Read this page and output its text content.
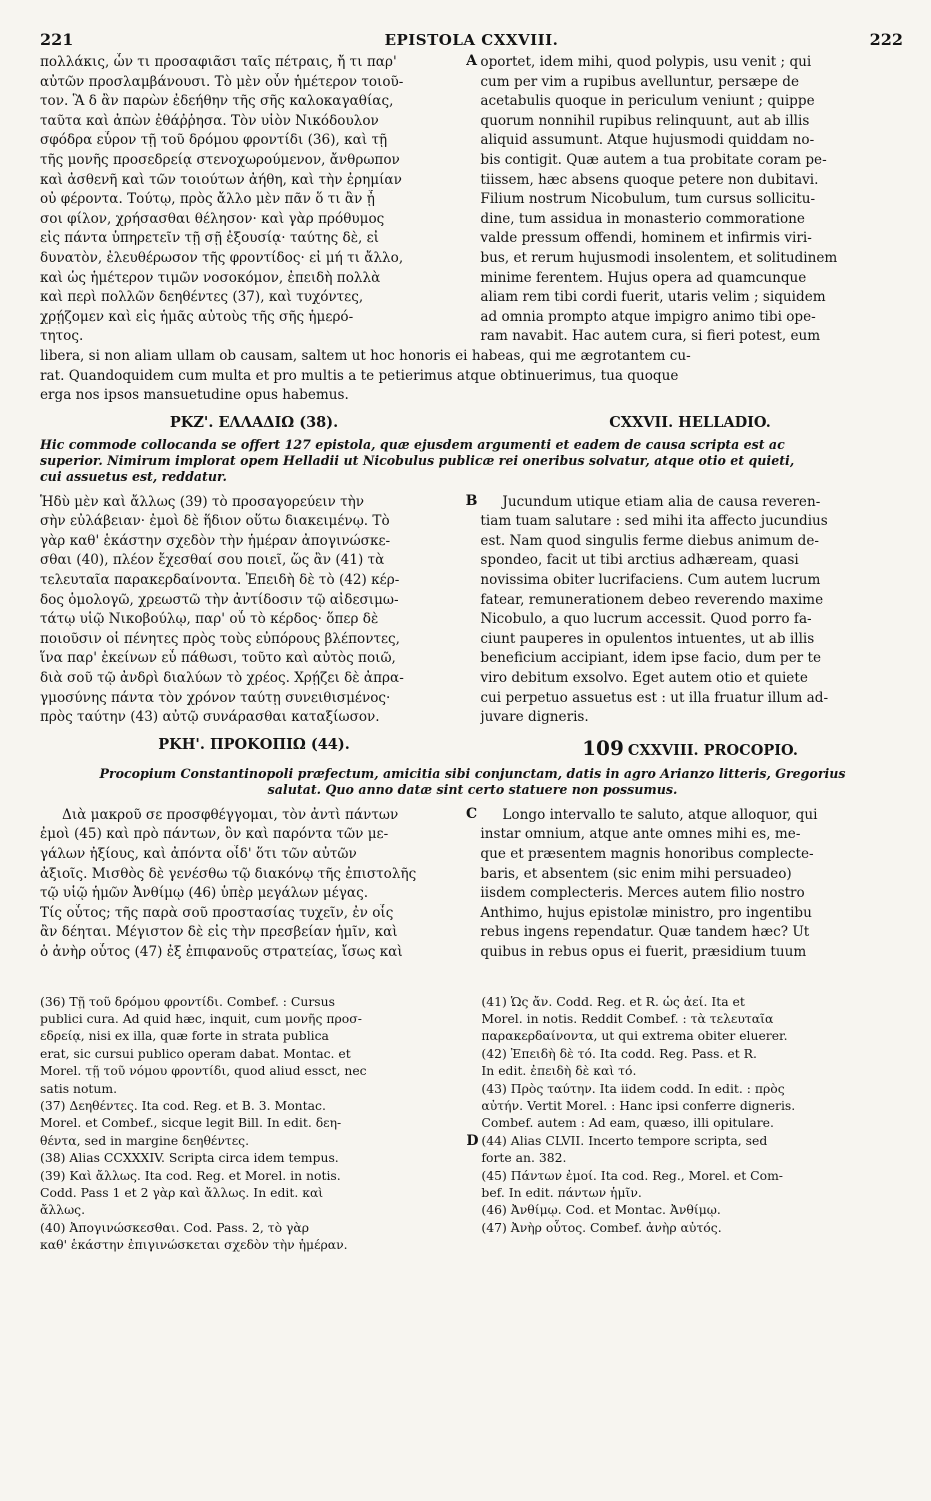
221	EPISTOLA CXXVIII.	222
πολλάκις, ὧν τι προσαφιᾶσι ταῖς πέτραις, ἤ τι παρ'
αὐτῶν προσλαμβάνουσι. Τὸ μὲν οὖν ἡμέτερον τοιοῦ-
τον. Ἃ δ ἂν παρὼν ἐδεήθην τῆς σῆς καλοκαγαθίας,
ταῦτα καὶ ἀπὼν ἐθάῤῥησα. Τὸν υἱὸν Νικόδουλον
σφόδρα εὗρον τῇ τοῦ δρόμου φροντίδι (36), καὶ τῇ
τῆς μονῆς προσεδρείᾳ στενοχωρούμενον, ἄνθρωπον
καὶ ἀσθενῆ καὶ τῶν τοιούτων ἀήθη, καὶ τὴν ἐρημίαν
οὐ φέροντα. Τούτῳ, πρὸς ἄλλο μὲν πᾶν ὅ τι ἂν ᾖ
σοι φίλον, χρήσασθαι θέλησον· καὶ γὰρ πρόθυμος
εἰς πάντα ὑπηρετεῖν τῇ σῇ ἐξουσίᾳ· ταύτης δὲ, εἰ
δυνατὸν, ἐλευθέρωσον τῆς φροντίδος· εἰ μή τι ἄλλο,
καὶ ὡς ἡμέτερον τιμῶν νοσοκόμον, ἐπειδὴ πολλὰ
καὶ περὶ πολλῶν δεηθέντες (37), καὶ τυχόντες,
χρῄζομεν καὶ εἰς ἡμᾶς αὐτοὺς τῆς σῆς ἡμερό-
τητος.
A oportet, idem mihi, quod polypis, usu venit ; qui
cum per vim a rupibus avelluntur, persæpe de
acetabulis quoque in periculum veniunt ; quippe
quorum nonnihil rupibus relinquunt, aut ab illis
aliquid assumunt. Atque hujusmodi quiddam no-
bis contigit. Quæ autem a tua probitate coram pe-
tiissem, hæc absens quoque petere non dubitavi.
Filium nostrum Nicobulum, tum cursus sollicitu-
dine, tum assidua in monasterio commoratione
valde pressum offendi, hominem et infirmis viri-
bus, et rerum hujusmodi insolentem, et solitudinem
minime ferentem. Hujus opera ad quamcunque
aliam rem tibi cordi fuerit, utaris velim ; siquidem
ad omnia prompto atque impigro animo tibi ope-
ram navabit. Hac autem cura, si fieri potest, eum
libera, si non aliam ullam ob causam, saltem ut hoc honoris ei habeas, qui me ægrotantem cu-
rat. Quandoquidem cum multa et pro multis a te petierimus atque obtinuerimus, tua quoque
erga nos ipsos mansuetudine opus habemus.
ΡΚΖ'. ΕΛΛΑΔΙΩ (38).	CXXVII. HELLADIO.
Hic commode collocanda se offert 127 epistola, quæ ejusdem argumenti et eadem de causa scripta est ac
superior. Nimirum implorat opem Helladii ut Nicobulus publicæ rei oneribus solvatur, atque otio et quieti,
cui assuetus est, reddatur.
Ἡδὺ μὲν καὶ ἄλλως (39) τὸ προσαγορεύειν τὴν
σὴν εὐλάβειαν· ἐμοὶ δὲ ἥδιον οὕτω διακειμένῳ. Τὸ
γὰρ καθ' ἑκάστην σχεδὸν τὴν ἡμέραν ἀπογινώσκε-
σθαι (40), πλέον ἔχεσθαί σου ποιεῖ, ὥς ἂν (41) τὰ
τελευταῖα παρακερδαίνοντα. Ἐπειδὴ δὲ τὸ (42) κέρ-
δος ὁμολογῶ, χρεωστῶ τὴν ἀντίδοσιν τῷ αἰδεσιμω-
τάτῳ υἱῷ Νικοβούλῳ, παρ' οὗ τὸ κέρδος· ὅπερ δὲ
ποιοῦσιν οἱ πένητες πρὸς τοὺς εὐπόρους βλέποντες,
ἵνα παρ' ἐκείνων εὖ πάθωσι, τοῦτο καὶ αὐτὸς ποιῶ,
διὰ σοῦ τῷ ἀνδρὶ διαλύων τὸ χρέος. Χρῄζει δὲ ἀπρα-
γμοσύνης πάντα τὸν χρόνον ταύτῃ συνειθισμένος·
πρὸς ταύτην (43) αὐτῷ συνάρασθαι καταξίωσον.
B	Jucundum utique etiam alia de causa reveren-
tiam tuam salutare : sed mihi ita affecto jucundius
est. Nam quod singulis ferme diebus animum de-
spondeo, facit ut tibi arctius adhæream, quasi
novissima obiter lucrifaciens. Cum autem lucrum
fatear, remunerationem debeo reverendo maxime
Nicobulo, a quo lucrum accessit. Quod porro fa-
ciunt pauperes in opulentos intuentes, ut ab illis
beneficium accipiant, idem ipse facio, dum per te
viro debitum exsolvo. Eget autem otio et quiete
cui perpetuo assuetus est : ut illa fruatur illum ad-
juvare digneris.
ΡΚΗ'. ΠΡΟΚΟΠΙΩ (44).	109 CXXVIII. PROCOPIO.
Procopium Constantinopoli præfectum, amicitia sibi conjunctam, datis in agro Arianzo litteris, Gregorius
salutat. Quo anno datæ sint certo statuere non possumus.
Διὰ μακροῦ σε προσφθέγγομαι, τὸν ἀντὶ πάντων
ἐμοὶ (45) καὶ πρὸ πάντων, ὃν καὶ παρόντα τῶν με-
γάλων ἠξίους, καὶ ἀπόντα οἶδ' ὅτι τῶν αὐτῶν
ἀξιοῖς. Μισθὸς δὲ γενέσθω τῷ διακόνῳ τῆς ἐπιστολῆς
τῷ υἱῷ ἡμῶν Ἀνθίμῳ (46) ὑπὲρ μεγάλων μέγας.
Τίς οὗτος; τῆς παρὰ σοῦ προστασίας τυχεῖν, ἐν οἷς
ἂν δέηται. Μέγιστον δὲ εἰς τὴν πρεσβείαν ἡμῖν, καὶ
ὁ ἀνὴρ οὗτος (47) ἐξ ἐπιφανοῦς στρατείας, ἴσως καὶ
C	Longo intervallo te saluto, atque alloquor, qui
instar omnium, atque ante omnes mihi es, me-
que et præsentem magnis honoribus complecte-
baris, et absentem (sic enim mihi persuadeo)
iisdem complecteris. Merces autem filio nostro
Anthimo, hujus epistolæ ministro, pro ingentibu
rebus ingens rependatur. Quæ tandem hæc? Ut
quibus in rebus opus ei fuerit, præsidium tuum
(36) Τῇ τοῦ δρόμου φροντίδι. Combef. : Cursus
publici cura. Ad quid hæc, inquit, cum μονῆς προσ-
εδρείᾳ, nisi ex illa, quæ forte in strata publica
erat, sic cursui publico operam dabat. Montac. et
Morel. τῇ τοῦ νόμου φροντίδι, quod aliud essct, nec
satis notum.
(37) Δεηθέντες. Ita cod. Reg. et B. 3. Montac.
Morel. et Combef., sicque legit Bill. In edit. δεη-
θέντα, sed in margine δεηθέντες.
(38) Alias CCXXXIV. Scripta circa idem tempus.
(39) Καὶ ἄλλως. Ita cod. Reg. et Morel. in notis.
Codd. Pass 1 et 2 γὰρ καὶ ἄλλως. In edit. καὶ
ἄλλως.
(40) Ἀπογινώσκεσθαι. Cod. Pass. 2, τὸ γὰρ
καθ' ἑκάστην ἐπιγινώσκεται σχεδὸν τὴν ἡμέραν.
D
(41) Ὡς ἄν. Codd. Reg. et R. ὡς ἀεί. Ita et
Morel. in notis. Reddit Combef. : τὰ τελευταῖα
παρακερδαίνοντα, ut qui extrema obiter eluerer.
(42) Ἐπειδὴ δὲ τό. Ita codd. Reg. Pass. et R.
In edit. ἐπειδὴ δὲ καὶ τό.
(43) Πρὸς ταύτην. Ita iidem codd. In edit. : πρὸς
αὐτήν. Vertit Morel. : Hanc ipsi conferre digneris.
Combef. autem : Ad eam, quæso, illi opitulare.
(44) Alias CLVII. Incerto tempore scripta, sed
forte an. 382.
(45) Πάντων ἐμοί. Ita cod. Reg., Morel. et Com-
bef. In edit. πάντων ἡμῖν.
(46) Ἀνθίμῳ. Cod. et Montac. Ἀνθίμῳ.
(47) Ἀνὴρ οὗτος. Combef. ἀνὴρ αὐτός.
